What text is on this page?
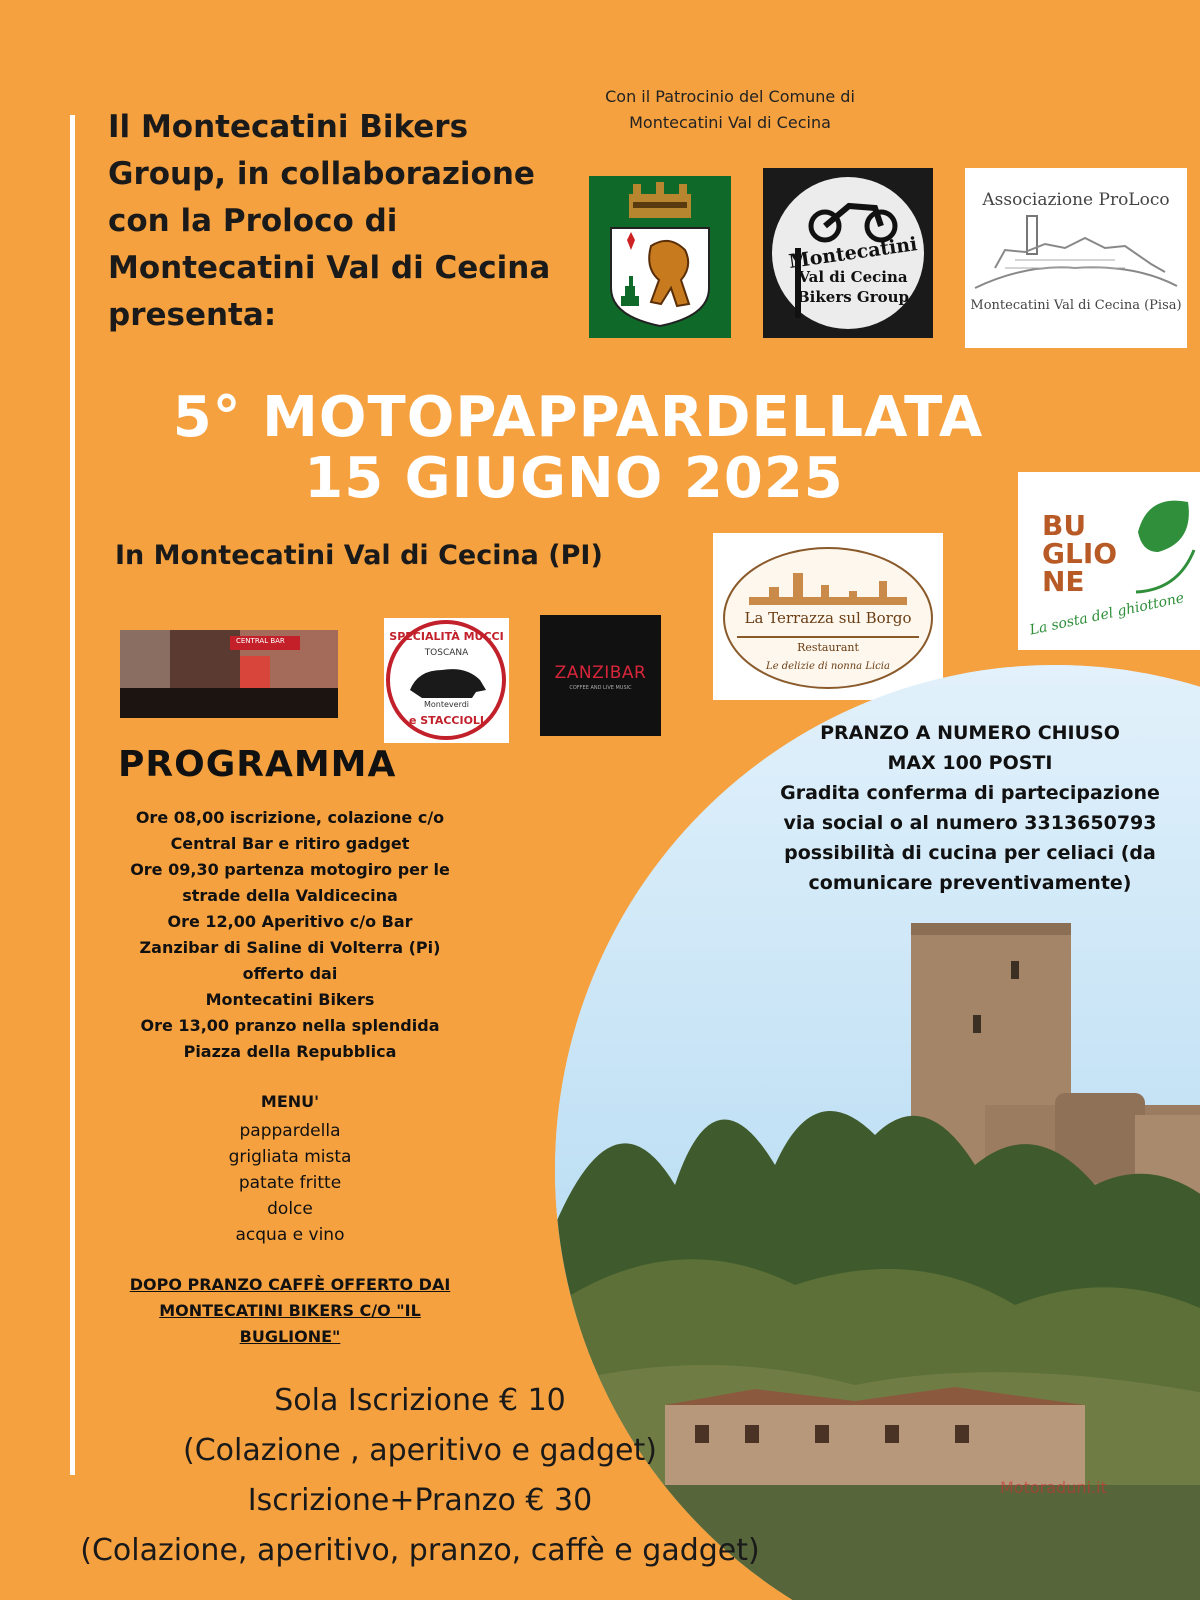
Il Montecatini Bikers
Group, in collaborazione
con la Proloco di
Montecatini Val di Cecina
presenta:
Con il Patrocinio del Comune di
Montecatini Val di Cecina
Montecatini
Val di Cecina
Bikers Group
Associazione ProLoco
Montecatini Val di Cecina (Pisa)
5° MOTOPAPPARDELLATA
15 GIUGNO 2025
In Montecatini Val di Cecina (PI)
BU
GLIO
NE
La sosta del ghiottone
La Terrazza sul Borgo
Restaurant
Le delizie di nonna Licia
CENTRAL BAR	SPECIALITÀ MUCCI
TOSCANA
Monteverdi
e STACCIOLI
ZANZIBAR
COFFEE AND LIVE MUSIC
PRANZO A NUMERO CHIUSO
MAX 100 POSTI
Gradita conferma di partecipazione
via social o al numero 3313650793
possibilità di cucina per celiaci (da
comunicare preventivamente)
PROGRAMMA
Ore 08,00 iscrizione, colazione c/o
Central Bar e ritiro gadget
Ore 09,30 partenza motogiro per le
strade della Valdicecina
Ore 12,00 Aperitivo c/o Bar
Zanzibar di Saline di Volterra (Pi)
offerto dai
Montecatini Bikers
Ore 13,00 pranzo nella splendida
Piazza della Repubblica
MENU'
pappardella
grigliata mista
patate fritte
dolce
acqua e vino
DOPO PRANZO CAFFÈ OFFERTO DAI
MONTECATINI BIKERS C/O "IL
BUGLIONE"
Sola Iscrizione € 10
(Colazione , aperitivo e gadget)
Iscrizione+Pranzo € 30
(Colazione, aperitivo, pranzo, caffè e gadget)
Motoraduni.it
